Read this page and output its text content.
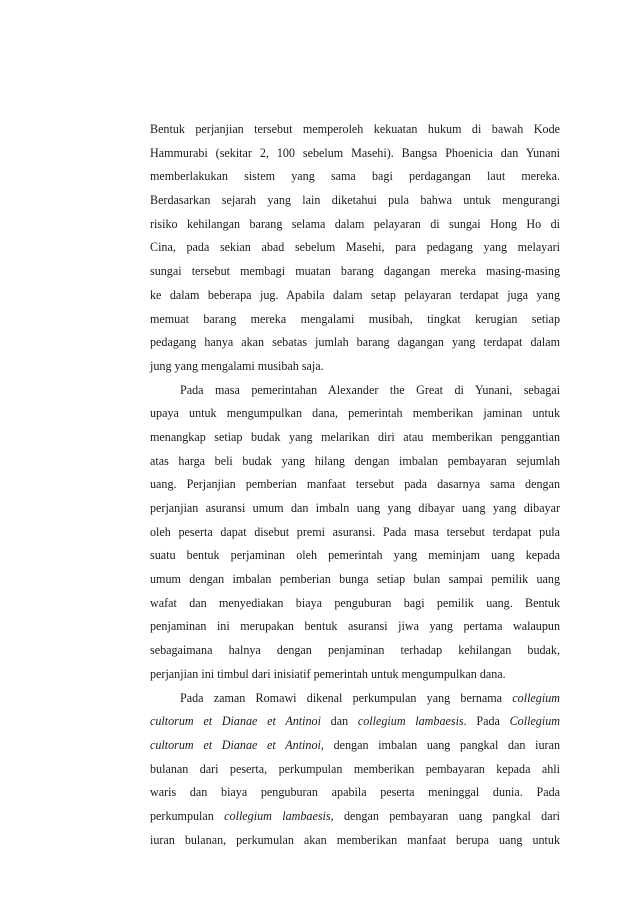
Bentuk perjanjian tersebut memperoleh kekuatan hukum di bawah Kode
Hammurabi (sekitar 2, 100 sebelum Masehi). Bangsa Phoenicia dan Yunani
memberlakukan sistem yang sama bagi perdagangan laut mereka.
Berdasarkan sejarah yang lain diketahui pula bahwa untuk mengurangi
risiko kehilangan barang selama dalam pelayaran di sungai Hong Ho di
Cina, pada sekian abad sebelum Masehi, para pedagang yang melayari
sungai tersebut membagi muatan barang dagangan mereka masing-masing
ke dalam beberapa jug. Apabila dalam setap pelayaran terdapat juga yang
memuat barang mereka mengalami musibah, tingkat kerugian setiap
pedagang hanya akan sebatas jumlah barang dagangan yang terdapat dalam
jung yang mengalami musibah saja.
Pada masa pemerintahan Alexander the Great di Yunani, sebagai
upaya untuk mengumpulkan dana, pemerintah memberikan jaminan untuk
menangkap setiap budak yang melarikan diri atau memberikan penggantian
atas harga beli budak yang hilang dengan imbalan pembayaran sejumlah
uang. Perjanjian pemberian manfaat tersebut pada dasarnya sama dengan
perjanjian asuransi umum dan imbaln uang yang dibayar uang yang dibayar
oleh peserta dapat disebut premi asuransi. Pada masa tersebut terdapat pula
suatu bentuk perjaminan oleh pemerintah yang meminjam uang kepada
umum dengan imbalan pemberian bunga setiap bulan sampai pemilik uang
wafat dan menyediakan biaya penguburan bagi pemilik uang. Bentuk
penjaminan ini merupakan bentuk asuransi jiwa yang pertama walaupun
sebagaimana halnya dengan penjaminan terhadap kehilangan budak,
perjanjian ini timbul dari inisiatif pemerintah untuk mengumpulkan dana.
Pada zaman Romawi dikenal perkumpulan yang bernama collegium
cultorum et Dianae et Antinoi dan collegium lambaesis. Pada Collegium
cultorum et Dianae et Antinoi, dengan imbalan uang pangkal dan iuran
bulanan dari peserta, perkumpulan memberikan pembayaran kepada ahli
waris dan biaya penguburan apabila peserta meninggal dunia. Pada
perkumpulan collegium lambaesis, dengan pembayaran uang pangkal dari
iuran bulanan, perkumulan akan memberikan manfaat berupa uang untuk
